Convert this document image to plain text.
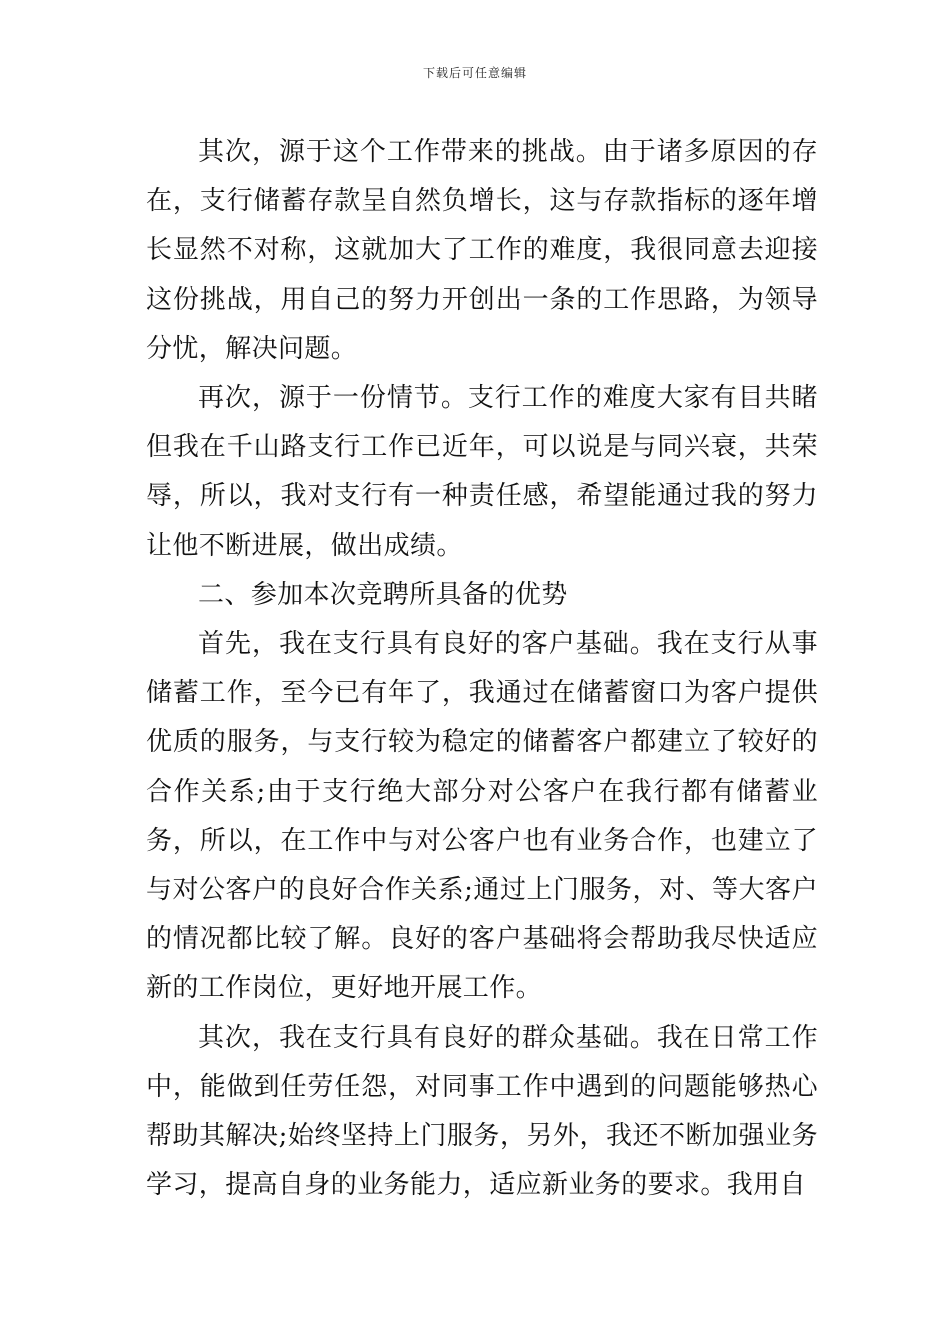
下载后可任意编辑

其次，源于这个工作带来的挑战。由于诸多原因的存在，支行储蓄存款呈自然负增长，这与存款指标的逐年增长显然不对称，这就加大了工作的难度，我很同意去迎接这份挑战，用自己的努力开创出一条的工作思路，为领导分忧，解决问题。

再次，源于一份情节。支行工作的难度大家有目共睹但我在千山路支行工作已近年，可以说是与同兴衰，共荣辱，所以，我对支行有一种责任感，希望能通过我的努力让他不断进展，做出成绩。

二、参加本次竞聘所具备的优势

首先，我在支行具有良好的客户基础。我在支行从事储蓄工作，至今已有年了，我通过在储蓄窗口为客户提供优质的服务，与支行较为稳定的储蓄客户都建立了较好的合作关系;由于支行绝大部分对公客户在我行都有储蓄业务，所以，在工作中与对公客户也有业务合作，也建立了与对公客户的良好合作关系;通过上门服务，对、等大客户的情况都比较了解。良好的客户基础将会帮助我尽快适应新的工作岗位，更好地开展工作。

其次，我在支行具有良好的群众基础。我在日常工作中，能做到任劳任怨，对同事工作中遇到的问题能够热心帮助其解决;始终坚持上门服务，另外，我还不断加强业务学习，提高自身的业务能力，适应新业务的要求。我用自
